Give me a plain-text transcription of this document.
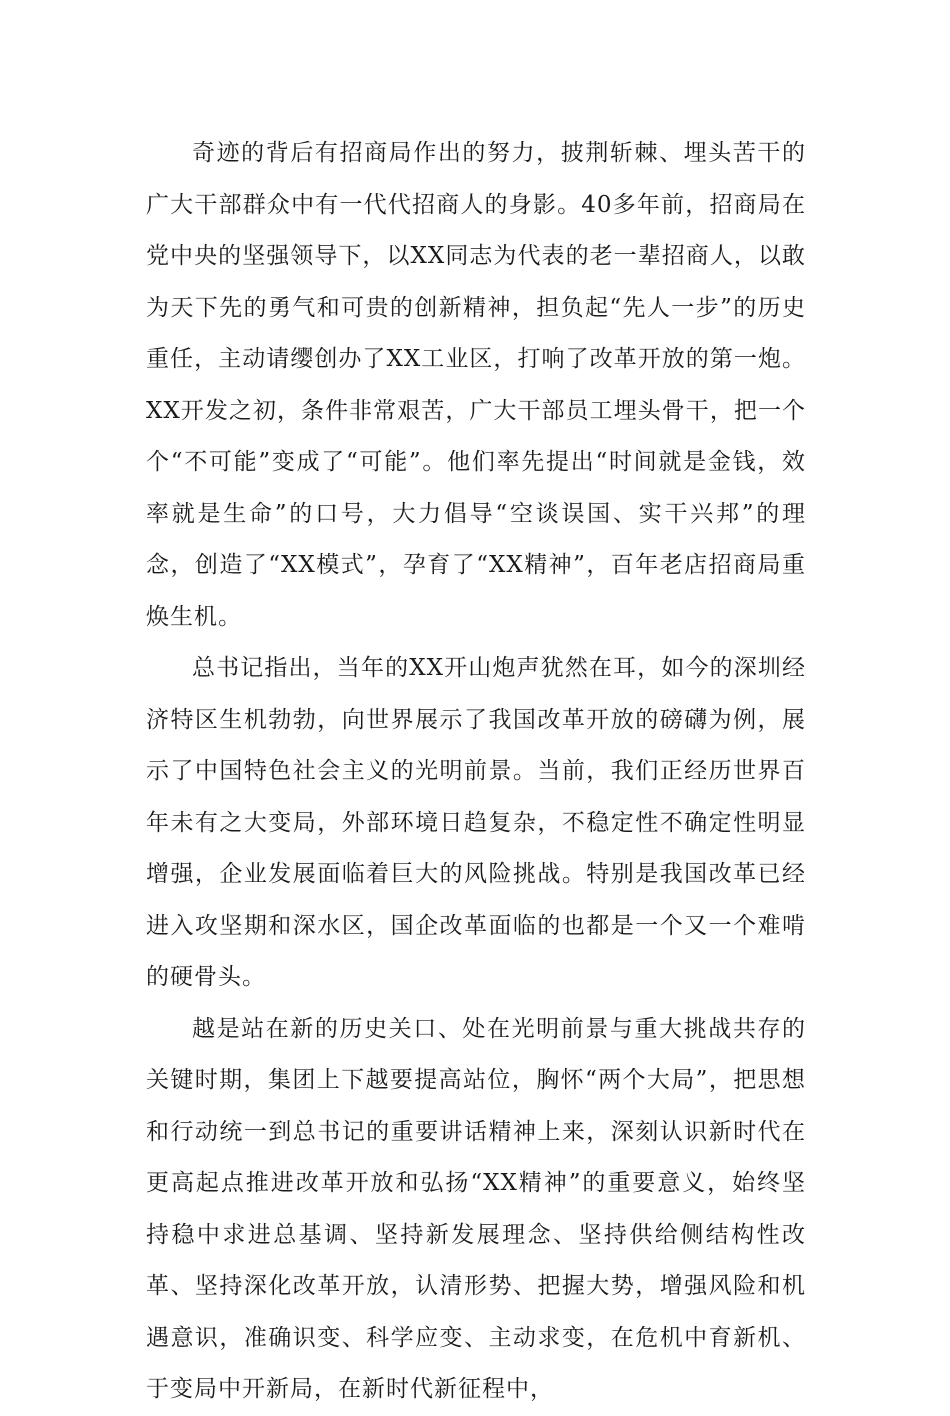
奇迹的背后有招商局作出的努力，披荆斩棘、埋头苦干的广大干部群众中有一代代招商人的身影。40多年前，招商局在党中央的坚强领导下，以XX同志为代表的老一辈招商人，以敢为天下先的勇气和可贵的创新精神，担负起“先人一步”的历史重任，主动请缨创办了XX工业区，打响了改革开放的第一炮。XX开发之初，条件非常艰苦，广大干部员工埋头骨干，把一个个“不可能”变成了“可能”。他们率先提出“时间就是金钱，效率就是生命”的口号，大力倡导“空谈误国、实干兴邦”的理念，创造了“XX模式”，孕育了“XX精神”，百年老店招商局重焕生机。

总书记指出，当年的XX开山炮声犹然在耳，如今的深圳经济特区生机勃勃，向世界展示了我国改革开放的磅礴为例，展示了中国特色社会主义的光明前景。当前，我们正经历世界百年未有之大变局，外部环境日趋复杂，不稳定性不确定性明显增强，企业发展面临着巨大的风险挑战。特别是我国改革已经进入攻坚期和深水区，国企改革面临的也都是一个又一个难啃的硬骨头。

越是站在新的历史关口、处在光明前景与重大挑战共存的关键时期，集团上下越要提高站位，胸怀“两个大局”，把思想和行动统一到总书记的重要讲话精神上来，深刻认识新时代在更高起点推进改革开放和弘扬“XX精神”的重要意义，始终坚持稳中求进总基调、坚持新发展理念、坚持供给侧结构性改革、坚持深化改革开放，认清形势、把握大势，增强风险和机遇意识，准确识变、科学应变、主动求变，在危机中育新机、于变局中开新局，在新时代新征程中，
